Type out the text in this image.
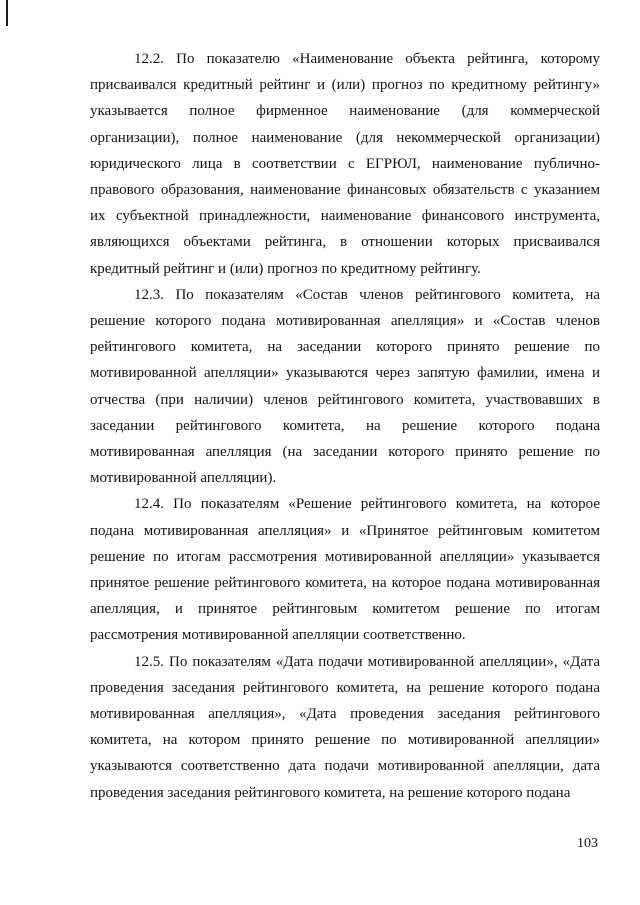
12.2. По показателю «Наименование объекта рейтинга, которому присваивался кредитный рейтинг и (или) прогноз по кредитному рейтингу» указывается полное фирменное наименование (для коммерческой организации), полное наименование (для некоммерческой организации) юридического лица в соответствии с ЕГРЮЛ, наименование публично-правового образования, наименование финансовых обязательств с указанием их субъектной принадлежности, наименование финансового инструмента, являющихся объектами рейтинга, в отношении которых присваивался кредитный рейтинг и (или) прогноз по кредитному рейтингу.

12.3. По показателям «Состав членов рейтингового комитета, на решение которого подана мотивированная апелляция» и «Состав членов рейтингового комитета, на заседании которого принято решение по мотивированной апелляции» указываются через запятую фамилии, имена и отчества (при наличии) членов рейтингового комитета, участвовавших в заседании рейтингового комитета, на решение которого подана мотивированная апелляция (на заседании которого принято решение по мотивированной апелляции).

12.4. По показателям «Решение рейтингового комитета, на которое подана мотивированная апелляция» и «Принятое рейтинговым комитетом решение по итогам рассмотрения мотивированной апелляции» указывается принятое решение рейтингового комитета, на которое подана мотивированная апелляция, и принятое рейтинговым комитетом решение по итогам рассмотрения мотивированной апелляции соответственно.

12.5. По показателям «Дата подачи мотивированной апелляции», «Дата проведения заседания рейтингового комитета, на решение которого подана мотивированная апелляция», «Дата проведения заседания рейтингового комитета, на котором принято решение по мотивированной апелляции» указываются соответственно дата подачи мотивированной апелляции, дата проведения заседания рейтингового комитета, на решение которого подана

103
